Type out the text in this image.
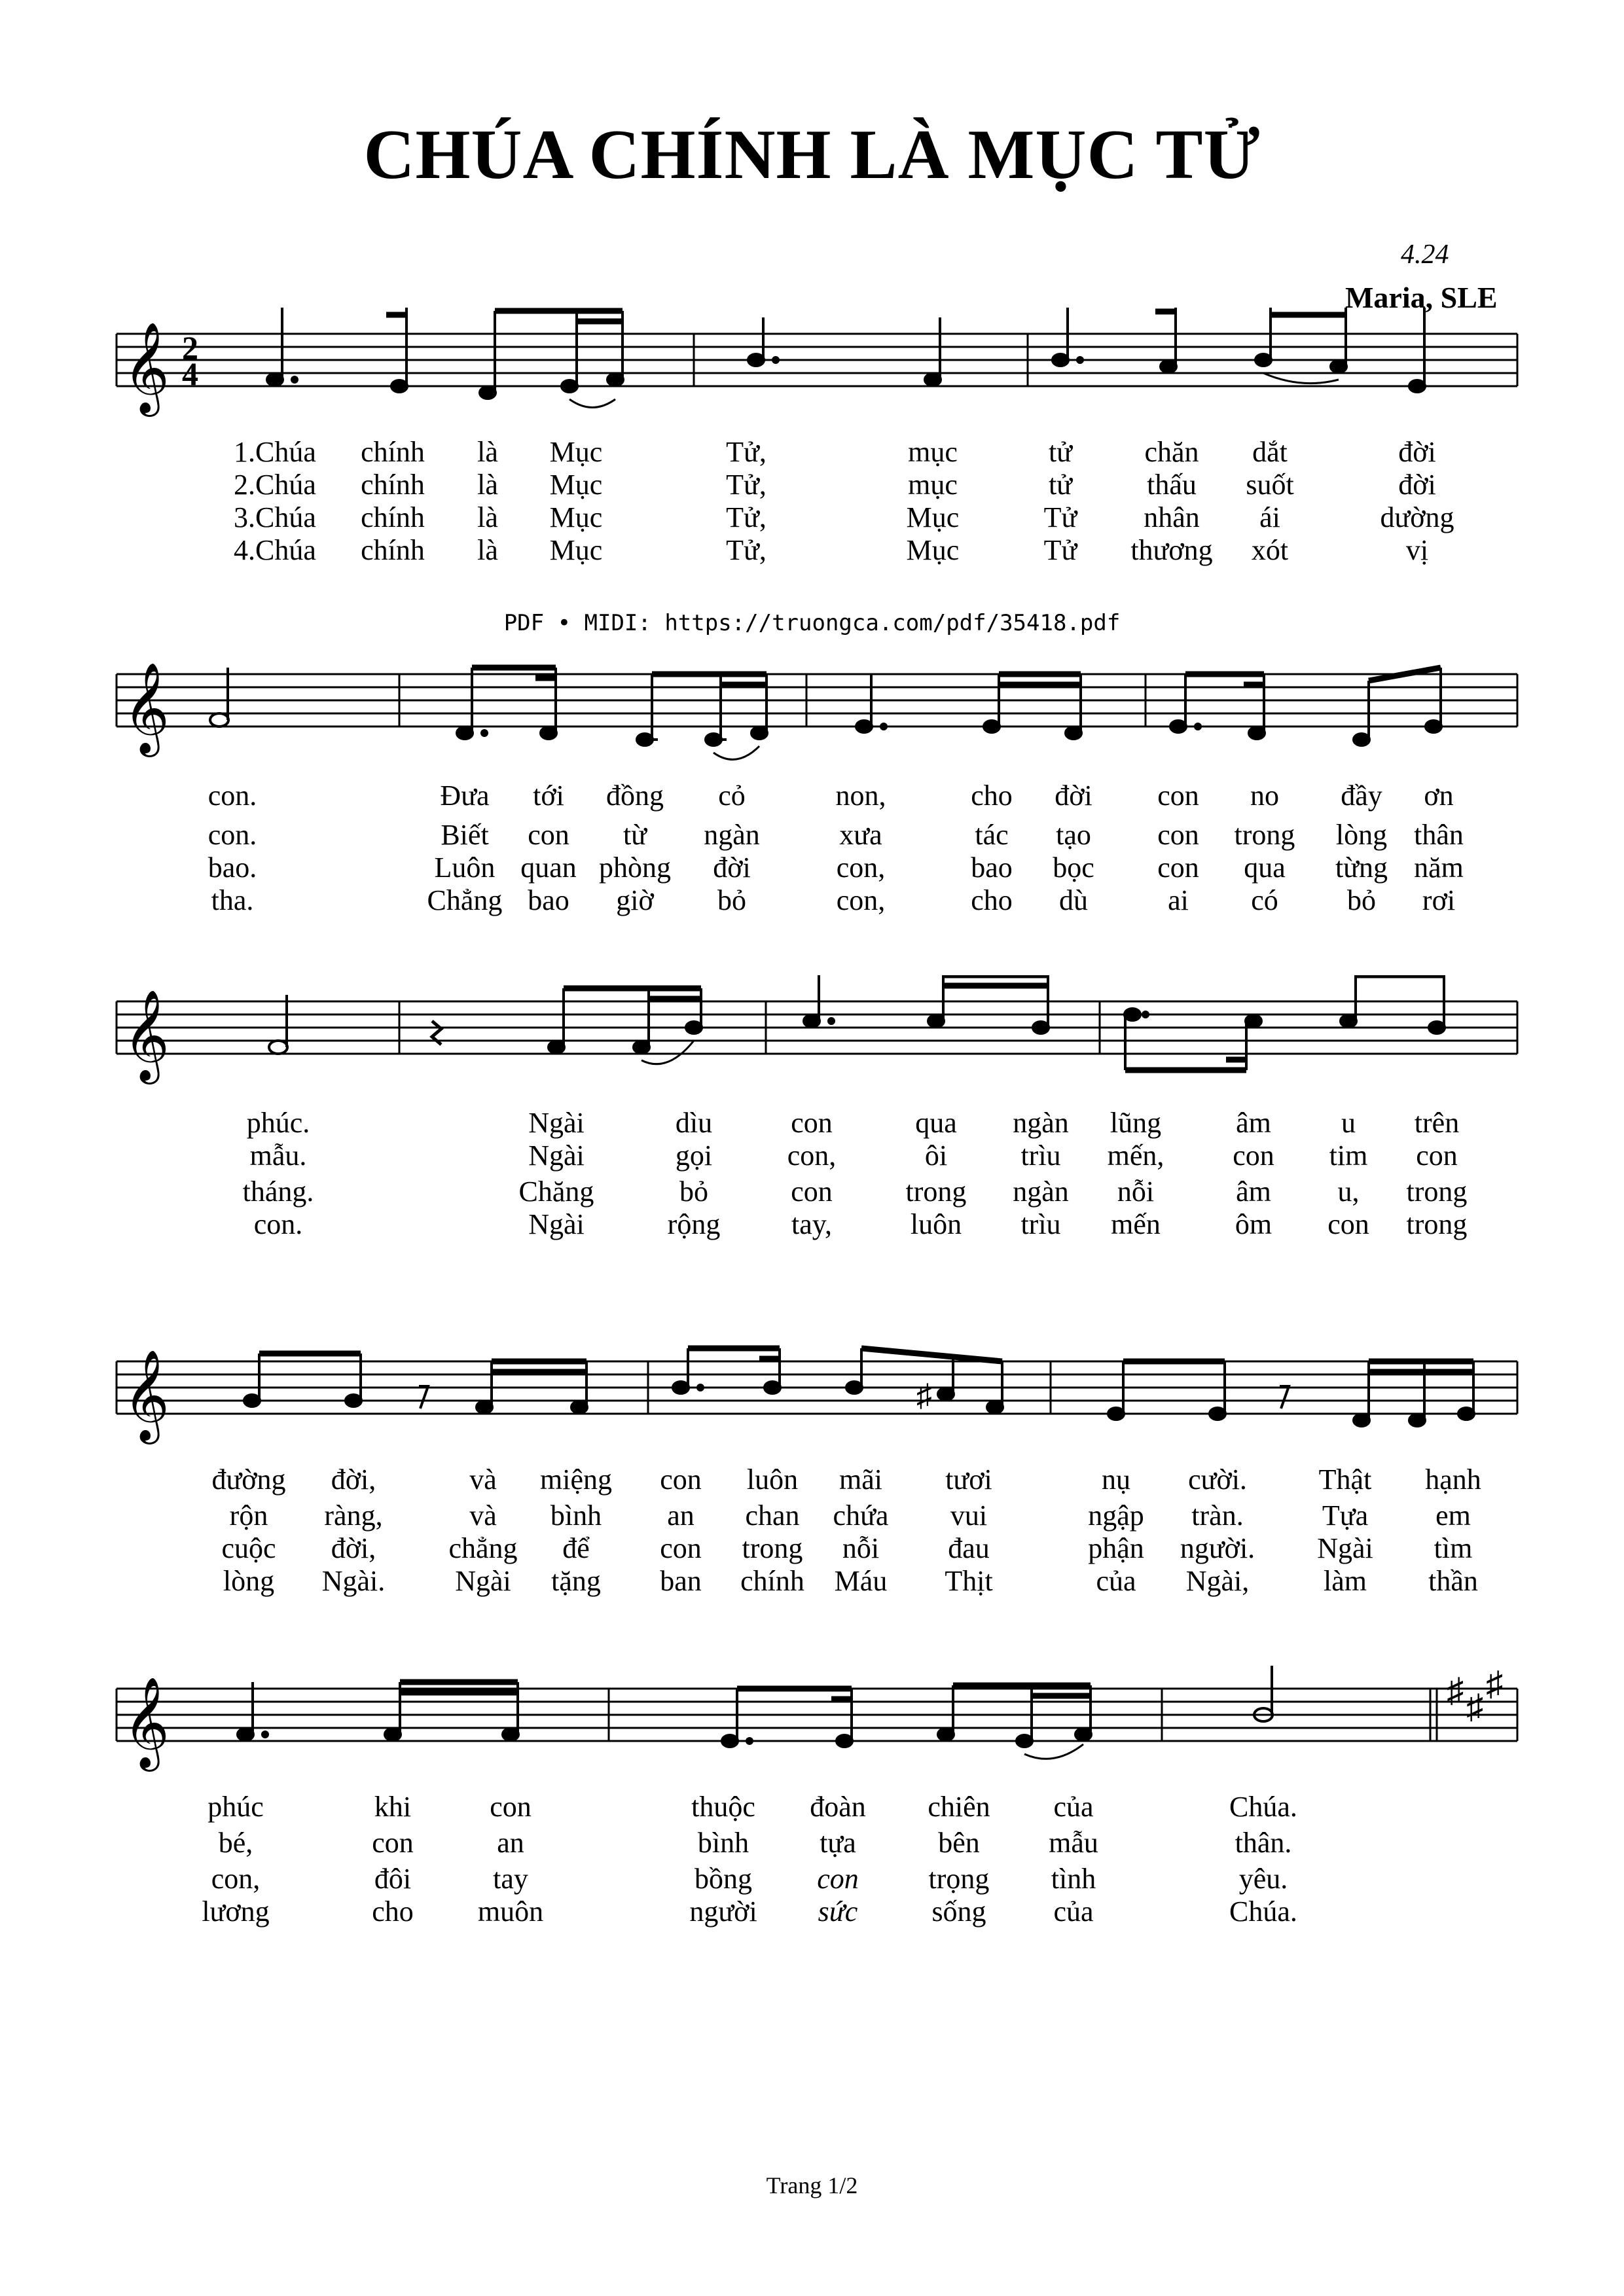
CHÚA CHÍNH LÀ MỤC TỬ
4.24
Maria, SLE
PDF • MIDI: https://truongca.com/pdf/35418.pdf
Trang 1/2
𝄞 2
4
1.Chúa chính là Mục	Tử,	mục	tử	chăn dắt	đời
2.Chúa chính là Mục	Tử,	mục	tử	thấu suốt	đời
3.Chúa chính là Mục	Tử,	Mục	Tử nhân ái	dường
4.Chúa chính là Mục	Tử,	Mục	Tử thương xót	vị
𝄞
con.	Đưa tới đồng cỏ	non,	cho đời con no đầy ơn
con.	Biết con từ ngàn	xưa	tác tạo con trong lòng thân
bao.	Luôn quan phòng đời	con,	bao bọc con qua từng năm
tha.	Chẳng bao giờ bỏ	con,	cho dù	ai có bỏ rơi
𝄞
phúc.	Ngài	dìu	con	qua ngàn lũng	âm u trên
mẫu.	Ngài	gọi	con,	ôi	trìu mến, con tim con
tháng.	Chăng	bỏ	con	trong ngàn nỗi	âm u, trong
con.	Ngài	rộng tay,	luôn trìu mến	ôm con trong
𝄞	♯
đường đời,	và miệng con luôn mãi tươi	nụ cười. Thật hạnh
rộn ràng,	và bình an chan chứa vui	ngập tràn.	Tựa em
cuộc đời,	chẳng để con trong nỗi đau	phận người. Ngài tìm
lòng Ngài. Ngài tặng ban chính Máu Thịt	của Ngài,	làm thần
𝄞	♯ ♯
♯
phúc	khi	con	thuộc đoàn chiên của	Chúa.
bé,	con	an	bình tựa	bên mẫu	thân.
con,	đôi	tay	bồng con trọng tình	yêu.
lương	cho muôn	người sức	sống của	Chúa.
